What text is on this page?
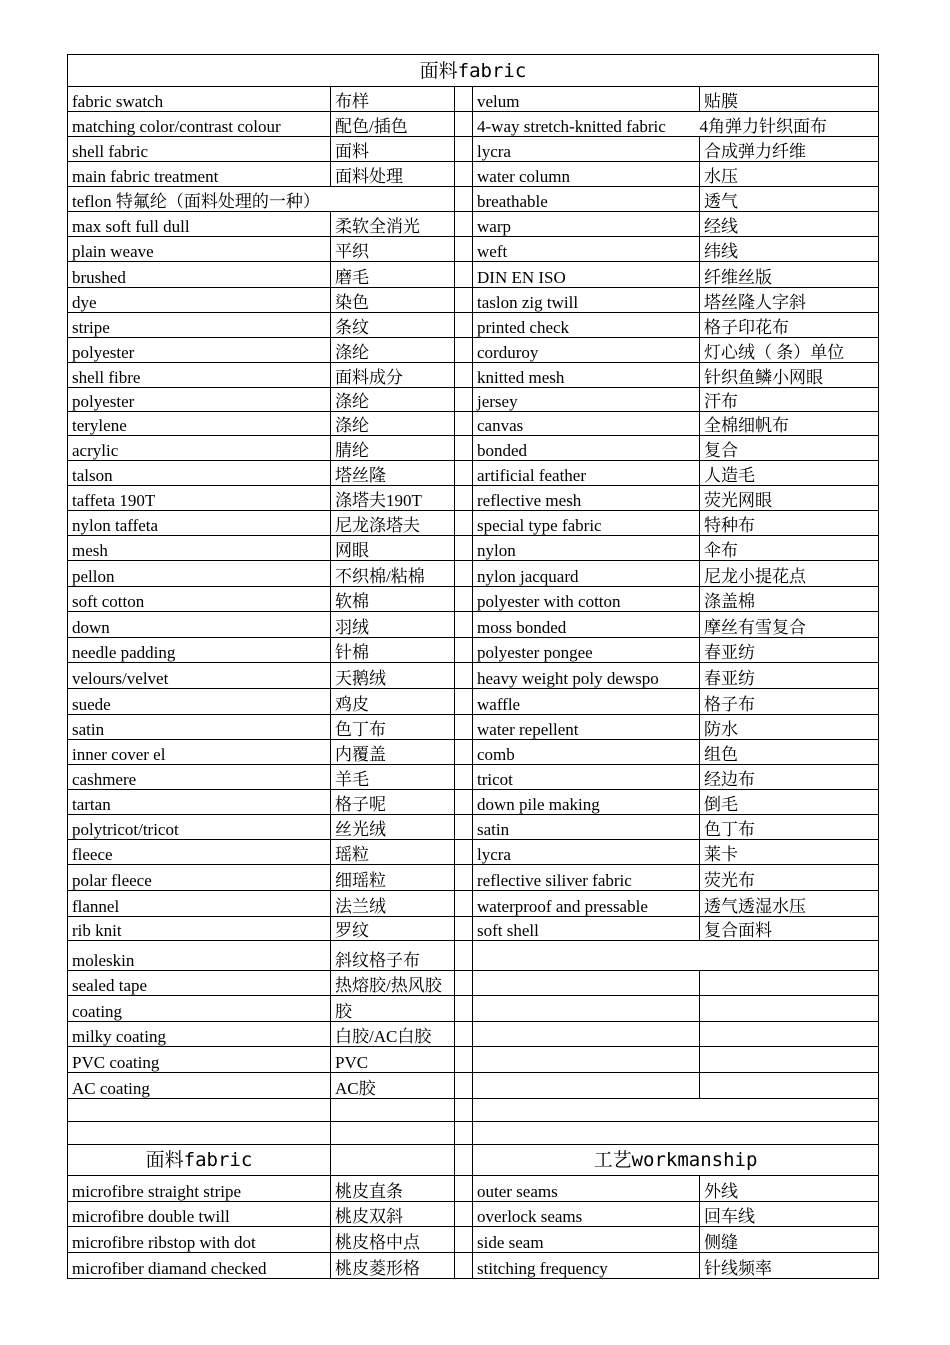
面料fabric				
fabric swatch	布样		velum	贴膜
matching color/contrast colour	配色/插色		4-way stretch-knitted fabric	4角弹力针织面布
shell fabric	面料		lycra	合成弹力纤维
main fabric treatment	面料处理		water column	水压
teflon 特氟纶（面料处理的一种）			breathable	透气
max soft full dull	柔软全消光		warp	经线
plain weave	平织		weft	纬线
brushed	磨毛		DIN EN ISO	纤维丝版
dye	染色		taslon zig twill	塔丝隆人字斜
stripe	条纹		printed check	格子印花布
polyester	涤纶		corduroy	灯心绒（ 条）单位
shell fibre	面料成分		knitted mesh	针织鱼鳞小网眼
polyester	涤纶		jersey	汗布
terylene	涤纶		canvas	全棉细帆布
acrylic	腈纶		bonded	复合
talson	塔丝隆		artificial feather	人造毛
taffeta 190T	涤塔夫190T		reflective mesh	荧光网眼
nylon taffeta	尼龙涤塔夫		special type fabric	特种布
mesh	网眼		nylon	伞布
pellon	不织棉/粘棉		nylon jacquard	尼龙小提花点
soft cotton	软棉		polyester with cotton	涤盖棉
down	羽绒		moss bonded	摩丝有雪复合
needle padding	针棉		polyester pongee	春亚纺
velours/velvet	天鹅绒		heavy weight poly dewspo	春亚纺
suede	鸡皮		waffle	格子布
satin	色丁布		water repellent	防水
inner cover el	内覆盖		comb	组色
cashmere	羊毛		tricot	经边布
tartan	格子呢		down pile making	倒毛
polytricot/tricot	丝光绒		satin	色丁布
fleece	瑶粒		lycra	莱卡
polar fleece	细瑶粒		reflective siliver fabric	荧光布
flannel	法兰绒		waterproof and pressable	透气透湿水压
rib knit	罗纹		soft shell	复合面料
moleskin	斜纹格子布			
sealed tape	热熔胶/热风胶			
coating	胶			
milky coating	白胶/AC白胶			
PVC coating	PVC			
AC coating	AC胶			

面料fabric			工艺workmanship	
microfibre straight stripe	桃皮直条		outer seams	外线
microfibre double twill	桃皮双斜		overlock seams	回车线
microfibre ribstop with dot	桃皮格中点		side seam	侧缝
microfiber diamand checked	桃皮菱形格		stitching frequency	针线频率
